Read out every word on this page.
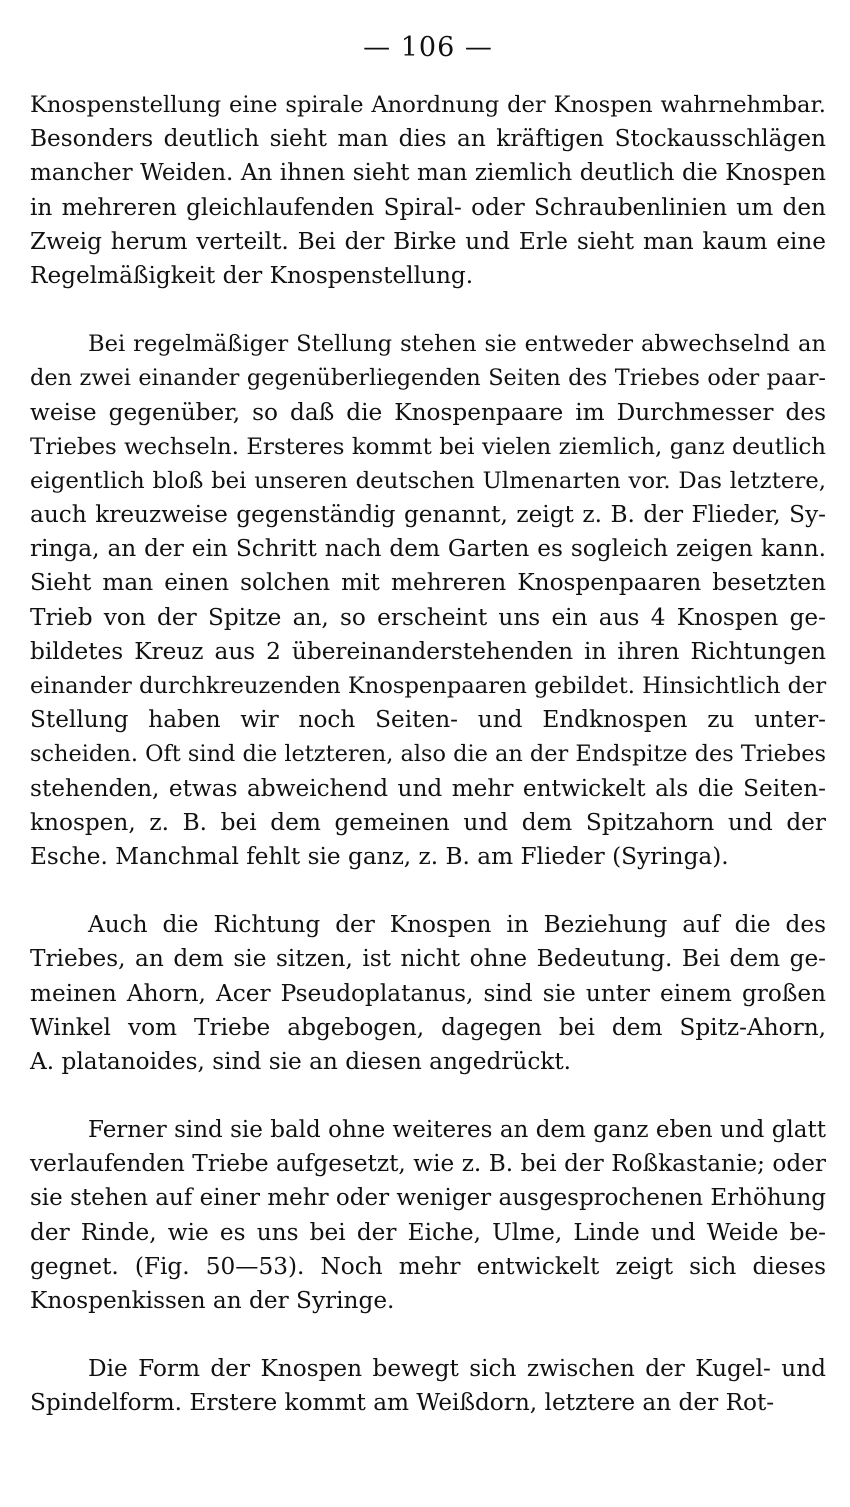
— 106 —
Knospenstellung eine spirale Anordnung der Knospen wahrnehmbar.
Besonders deutlich sieht man dies an kräftigen Stockausschlägen
mancher Weiden. An ihnen sieht man ziemlich deutlich die Knospen
in mehreren gleichlaufenden Spiral- oder Schraubenlinien um den
Zweig herum verteilt. Bei der Birke und Erle sieht man kaum eine
Regelmäßigkeit der Knospenstellung.
Bei regelmäßiger Stellung stehen sie entweder abwechselnd an
den zwei einander gegenüberliegenden Seiten des Triebes oder paar-
weise gegenüber, so daß die Knospenpaare im Durchmesser des
Triebes wechseln. Ersteres kommt bei vielen ziemlich, ganz deutlich
eigentlich bloß bei unseren deutschen Ulmenarten vor. Das letztere,
auch kreuzweise gegenständig genannt, zeigt z. B. der Flieder, Sy-
ringa, an der ein Schritt nach dem Garten es sogleich zeigen kann.
Sieht man einen solchen mit mehreren Knospenpaaren besetzten
Trieb von der Spitze an, so erscheint uns ein aus 4 Knospen ge-
bildetes Kreuz aus 2 übereinanderstehenden in ihren Richtungen
einander durchkreuzenden Knospenpaaren gebildet. Hinsichtlich der
Stellung haben wir noch Seiten- und Endknospen zu unter-
scheiden. Oft sind die letzteren, also die an der Endspitze des Triebes
stehenden, etwas abweichend und mehr entwickelt als die Seiten-
knospen, z. B. bei dem gemeinen und dem Spitzahorn und der
Esche. Manchmal fehlt sie ganz, z. B. am Flieder (Syringa).
Auch die Richtung der Knospen in Beziehung auf die des
Triebes, an dem sie sitzen, ist nicht ohne Bedeutung. Bei dem ge-
meinen Ahorn, Acer Pseudoplatanus, sind sie unter einem großen
Winkel vom Triebe abgebogen, dagegen bei dem Spitz-Ahorn,
A. platanoides, sind sie an diesen angedrückt.
Ferner sind sie bald ohne weiteres an dem ganz eben und glatt
verlaufenden Triebe aufgesetzt, wie z. B. bei der Roßkastanie; oder
sie stehen auf einer mehr oder weniger ausgesprochenen Erhöhung
der Rinde, wie es uns bei der Eiche, Ulme, Linde und Weide be-
gegnet. (Fig. 50—53). Noch mehr entwickelt zeigt sich dieses
Knospenkissen an der Syringe.
Die Form der Knospen bewegt sich zwischen der Kugel- und
Spindelform. Erstere kommt am Weißdorn, letztere an der Rot-
